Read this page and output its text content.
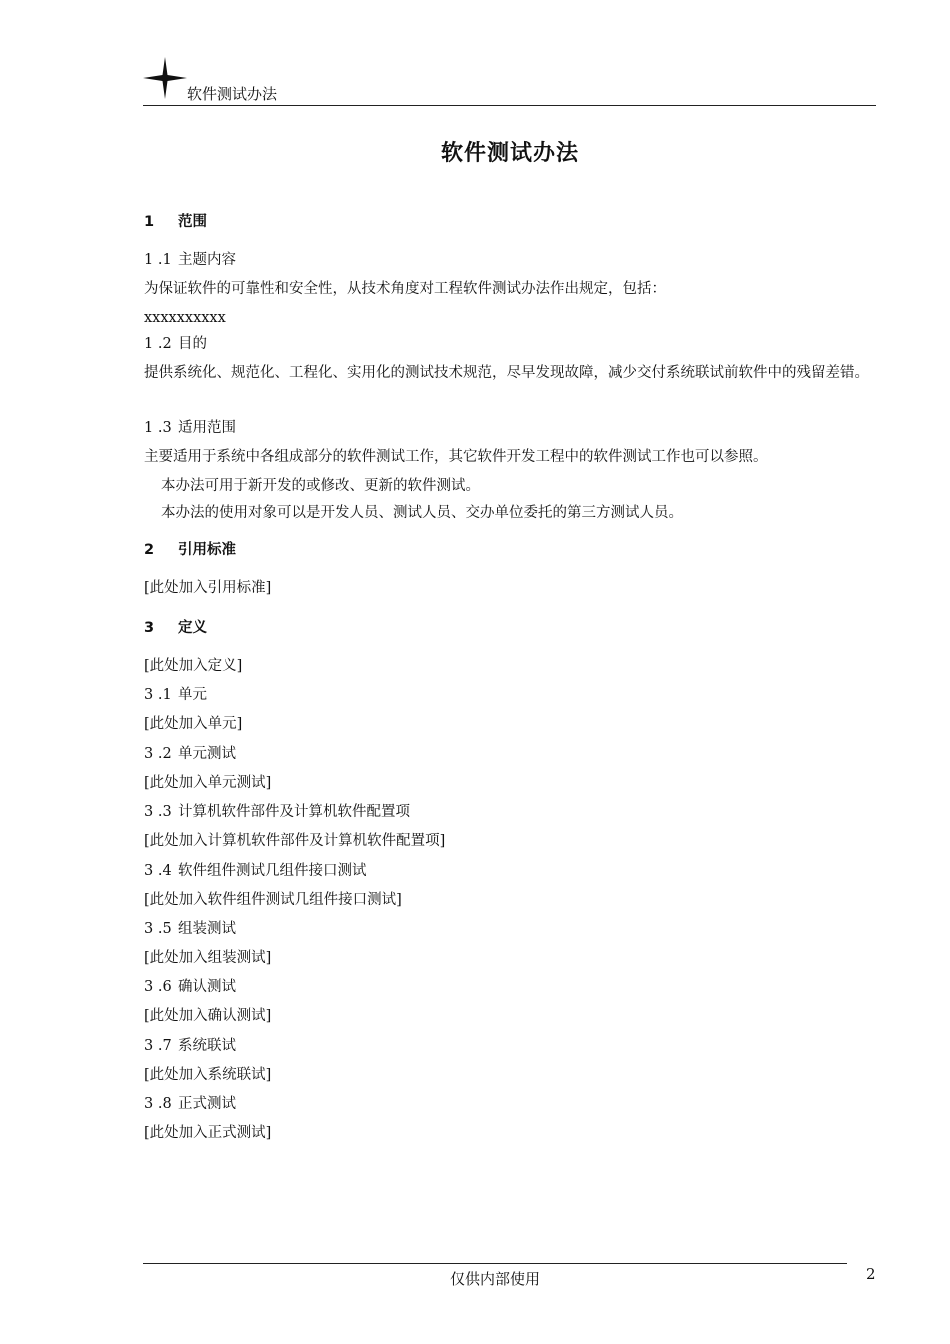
软件测试办法
软件测试办法
1 范围
1 .1 主题内容
为保证软件的可靠性和安全性，从技术角度对工程软件测试办法作出规定，包括：
xxxxxxxxxx
1 .2 目的
提供系统化、规范化、工程化、实用化的测试技术规范，尽早发现故障，减少交付系统联试前软件中的残留差错。
1 .3 适用范围
主要适用于系统中各组成部分的软件测试工作，其它软件开发工程中的软件测试工作也可以参照。
本办法可用于新开发的或修改、更新的软件测试。
本办法的使用对象可以是开发人员、测试人员、交办单位委托的第三方测试人员。
2 引用标准
[此处加入引用标准]
3 定义
[此处加入定义]
3 .1 单元
[此处加入单元]
3 .2 单元测试
[此处加入单元测试]
3 .3 计算机软件部件及计算机软件配置项
[此处加入计算机软件部件及计算机软件配置项]
3 .4 软件组件测试几组件接口测试
[此处加入软件组件测试几组件接口测试]
3 .5 组装测试
[此处加入组装测试]
3 .6 确认测试
[此处加入确认测试]
3 .7 系统联试
[此处加入系统联试]
3 .8 正式测试
[此处加入正式测试]
仅供内部使用	2
